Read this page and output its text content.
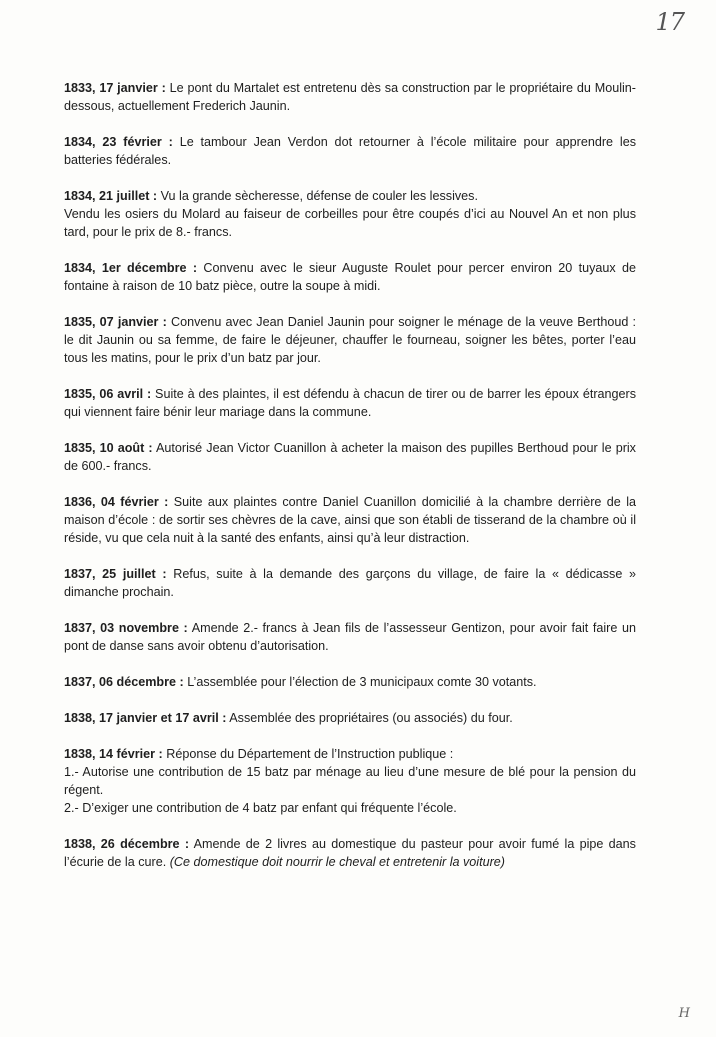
17

1833, 17 janvier : Le pont du Martalet est entretenu dès sa construction par le propriétaire du Moulin-dessous, actuellement Frederich Jaunin.

1834, 23 février : Le tambour Jean Verdon dot retourner à l’école militaire pour apprendre les batteries fédérales.

1834, 21 juillet : Vu la grande sècheresse, défense de couler les lessives.

Vendu les osiers du Molard au faiseur de corbeilles pour être coupés d’ici au Nouvel An et non plus tard, pour le prix de 8.- francs.

1834, 1er décembre : Convenu avec le sieur Auguste Roulet pour percer environ 20 tuyaux de fontaine à raison de 10 batz pièce, outre la soupe à midi.

1835, 07 janvier : Convenu avec Jean Daniel Jaunin pour soigner le ménage de la veuve Berthoud : le dit Jaunin ou sa femme, de faire le déjeuner, chauffer le fourneau, soigner les bêtes, porter l’eau tous les matins, pour le prix d’un batz par jour.

1835, 06 avril : Suite à des plaintes, il est défendu à chacun de tirer ou de barrer les époux étrangers qui viennent faire bénir leur mariage dans la commune.

1835, 10 août : Autorisé Jean Victor Cuanillon à acheter la maison des pupilles Berthoud pour le prix de 600.- francs.

1836, 04 février : Suite aux plaintes contre Daniel Cuanillon domicilié à la chambre derrière de la maison d’école : de sortir ses chèvres de la cave, ainsi que son établi de tisserand de la chambre où il réside, vu que cela nuit à la santé des enfants, ainsi qu’à leur distraction.

1837, 25 juillet : Refus, suite à la demande des garçons du village, de faire la « dédicasse » dimanche prochain.

1837, 03 novembre : Amende 2.- francs à Jean fils de l’assesseur Gentizon, pour avoir fait faire un pont de danse sans avoir obtenu d’autorisation.

1837, 06 décembre : L’assemblée pour l’élection de 3 municipaux comte 30 votants.

1838, 17 janvier et 17 avril : Assemblée des propriétaires (ou associés) du four.

1838, 14 février : Réponse du Département de l’Instruction publique :

1.- Autorise une contribution de 15 batz par ménage au lieu d’une mesure de blé pour la pension du régent.

2.- D’exiger une contribution de 4 batz par enfant qui fréquente l’école.

1838, 26 décembre : Amende de 2 livres au domestique du pasteur pour avoir fumé la pipe dans l’écurie de la cure. (Ce domestique doit nourrir le cheval et entretenir la voiture)

H
